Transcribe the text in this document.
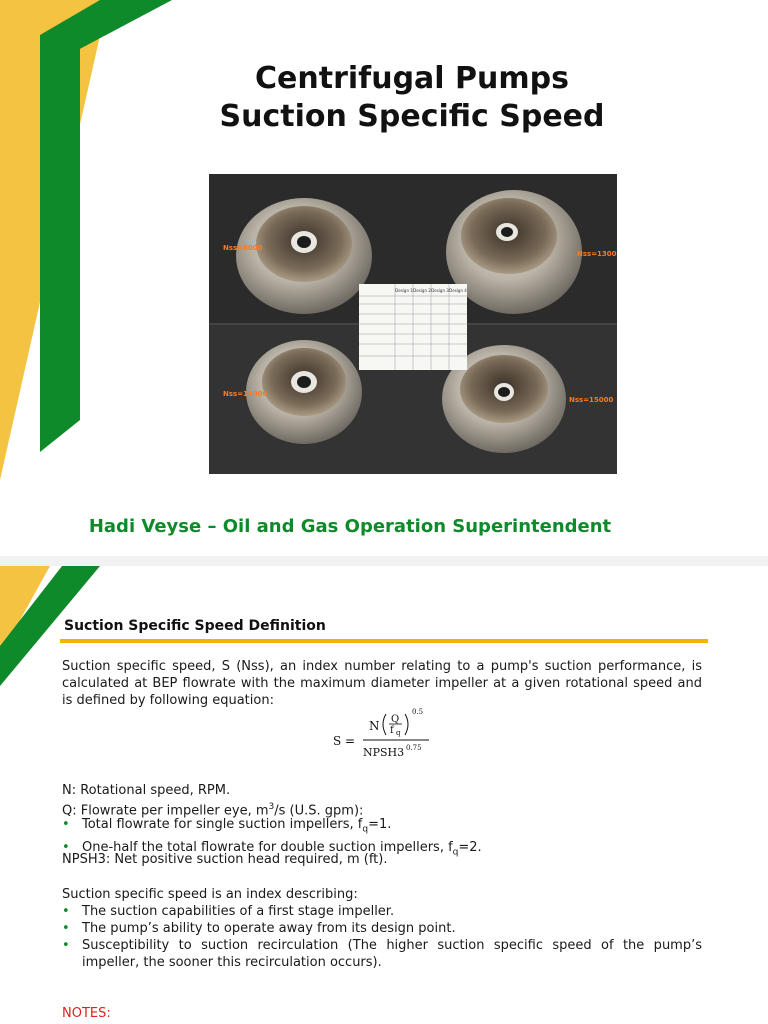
Centrifugal Pumps
Suction Specific Speed
Design 1 Design 2 Design 3 Design 4
Nss=8000
Nss=13000
Nss=11000
Nss=15000

Hadi Veyse – Oil and Gas Operation Superintendent

Suction Specific Speed Definition

Suction specific speed, S (Nss), an index number relating to a pump's suction performance, is calculated at BEP flowrate with the maximum diameter impeller at a given rotational speed and is defined by following equation:

S =
N Q
f q
0.5
NPSH3 0.75

N: Rotational speed, RPM.

Q: Flowrate per impeller eye, $m^3/s$ (U.S. gpm):

• Total flowrate for single suction impellers, $f_q=1$.
• One-half the total flowrate for double suction impellers, $f_q=2$.

NPSH3: Net positive suction head required, m (ft).

Suction specific speed is an index describing:

• The suction capabilities of a first stage impeller.
• The pump’s ability to operate away from its design point.
• Susceptibility to suction recirculation (The higher suction specific speed of the pump’s impeller, the sooner this recirculation occurs).

NOTES:
